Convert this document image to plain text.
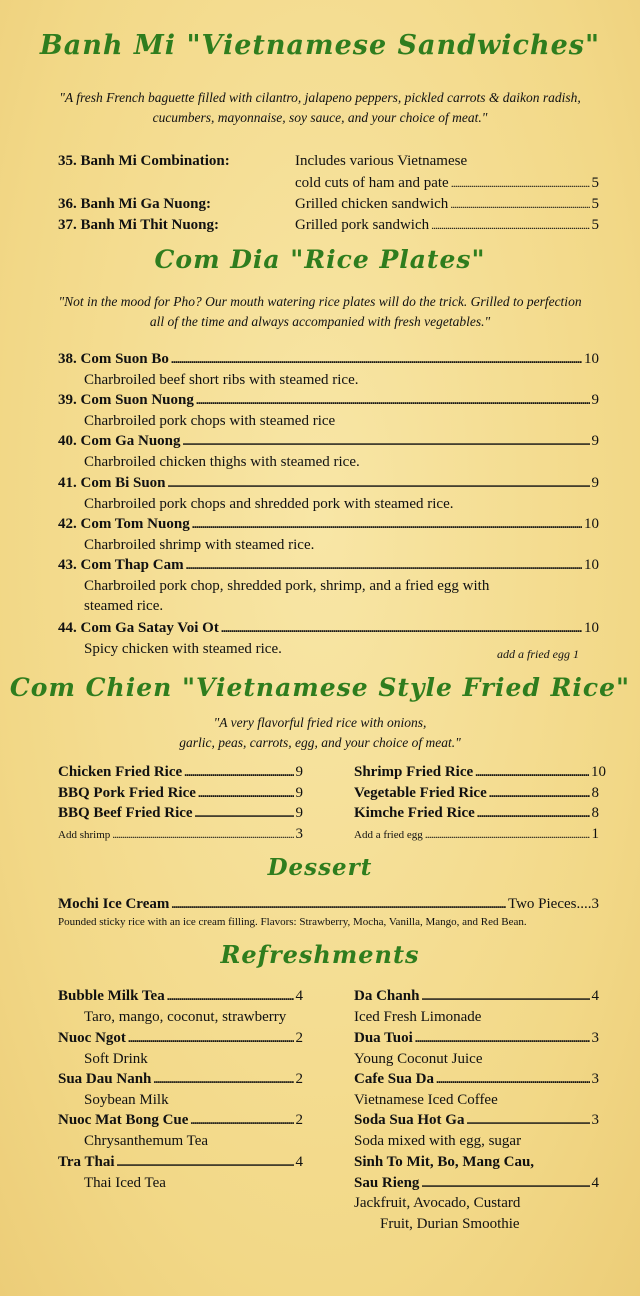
Banh Mi "Vietnamese Sandwiches"
"A fresh French baguette filled with cilantro, jalapeno peppers, pickled carrots & daikon radish,
cucumbers, mayonnaise, soy sauce, and your choice of meat."
35. Banh Mi Combination:	Includes various Vietnamese
cold cuts of ham and pate . . .	5
36. Banh Mi Ga Nuong:	Grilled chicken sandwich . . .	5
37. Banh Mi Thit Nuong:	Grilled pork sandwich . . .	5
Com Dia "Rice Plates"
"Not in the mood for Pho? Our mouth watering rice plates will do the trick. Grilled to perfection
all of the time and always accompanied with fresh vegetables."
38. Com Suon Bo . . .	10
Charbroiled beef short ribs with steamed rice.
39. Com Suon Nuong . . .	9
Charbroiled pork chops with steamed rice
40. Com Ga Nuong . . .	9
Charbroiled chicken thighs with steamed rice.
41. Com Bi Suon . . .	9
Charbroiled pork chops and shredded pork with steamed rice.
42. Com Tom Nuong . . .	10
Charbroiled shrimp with steamed rice.
43. Com Thap Cam . . .	10
Charbroiled pork chop, shredded pork, shrimp, and a fried egg with
steamed rice.
44. Com Ga Satay Voi Ot . . .	10
Spicy chicken with steamed rice.	add a fried egg 1
Com Chien "Vietnamese Style Fried Rice"
"A very flavorful fried rice with onions,
garlic, peas, carrots, egg, and your choice of meat."
Chicken Fried Rice . . .	9
BBQ Pork Fried Rice . . .	9
BBQ Beef Fried Rice . . .	9
Add shrimp . . .	3
Shrimp Fried Rice . . .	10
Vegetable Fried Rice . . .	8
Kimche Fried Rice . . .	8
Add a fried egg . . .	1
Dessert
Mochi Ice Cream . . .	Two Pieces....3
Pounded sticky rice with an ice cream filling. Flavors: Strawberry, Mocha, Vanilla, Mango, and Red Bean.
Refreshments
Bubble Milk Tea . . .	4
Taro, mango, coconut, strawberry
Nuoc Ngot . . .	2
Soft Drink
Sua Dau Nanh . . .	2
Soybean Milk
Nuoc Mat Bong Cue . . .	2
Chrysanthemum Tea
Tra Thai . . .	4
Thai Iced Tea
Da Chanh . . .	4
Iced Fresh Limonade
Dua Tuoi . . .	3
Young Coconut Juice
Cafe Sua Da . . .	3
Vietnamese Iced Coffee
Soda Sua Hot Ga . . .	3
Soda mixed with egg, sugar
Sinh To Mit, Bo, Mang Cau,
Sau Rieng . . .	4
Jackfruit, Avocado, Custard
Fruit, Durian Smoothie
